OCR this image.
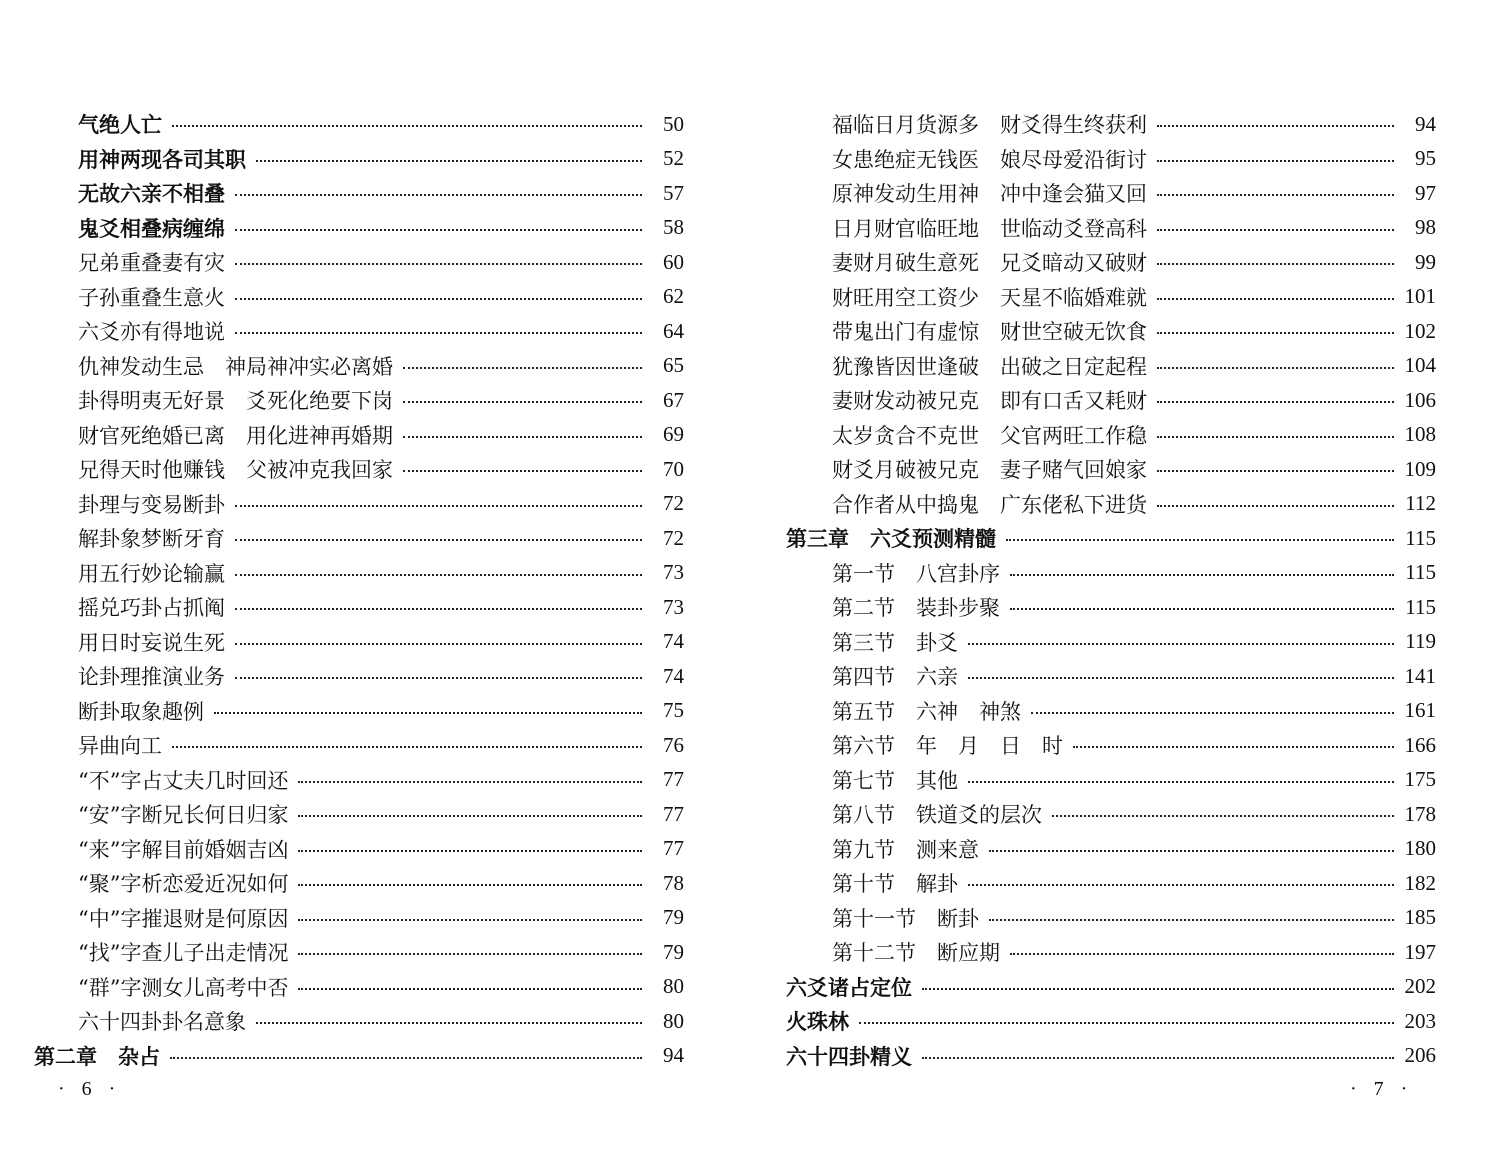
气绝人亡	50
用神两现各司其职	52
无故六亲不相叠	57
鬼爻相叠病缠绵	58
兄弟重叠妻有灾	60
子孙重叠生意火	62
六爻亦有得地说	64
仇神发动生忌　神局神冲实必离婚	65
卦得明夷无好景　爻死化绝要下岗	67
财官死绝婚已离　用化进神再婚期	69
兄得天时他赚钱　父被冲克我回家	70
卦理与变易断卦	72
解卦象梦断牙育	72
用五行妙论输赢	73
摇兑巧卦占抓阄	73
用日时妄说生死	74
论卦理推演业务	74
断卦取象趣例	75
异曲向工	76
“不”字占丈夫几时回还	77
“安”字断兄长何日归家	77
“来”字解目前婚姻吉凶	77
“聚”字析恋爱近况如何	78
“中”字摧退财是何原因	79
“找”字查儿子出走情况	79
“群”字测女儿高考中否	80
六十四卦卦名意象	80
第二章　杂占	94
福临日月货源多　财爻得生终获利	94
女患绝症无钱医　娘尽母爱沿街讨	95
原神发动生用神　冲中逢会猫又回	97
日月财官临旺地　世临动爻登高科	98
妻财月破生意死　兄爻暗动又破财	99
财旺用空工资少　天星不临婚难就	101
带鬼出门有虚惊　财世空破无饮食	102
犹豫皆因世逢破　出破之日定起程	104
妻财发动被兄克　即有口舌又耗财	106
太岁贪合不克世　父官两旺工作稳	108
财爻月破被兄克　妻子赌气回娘家	109
合作者从中捣鬼　广东佬私下进货	112
第三章　六爻预测精髓	115
第一节　八宫卦序	115
第二节　装卦步聚	115
第三节　卦爻	119
第四节　六亲	141
第五节　六神　神煞	161
第六节　年　月　日　时	166
第七节　其他	175
第八节　铁道爻的层次	178
第九节　测来意	180
第十节　解卦	182
第十一节　断卦	185
第十二节　断应期	197
六爻诸占定位	202
火珠林	203
六十四卦精义	206
· 6 ·	· 7 ·
